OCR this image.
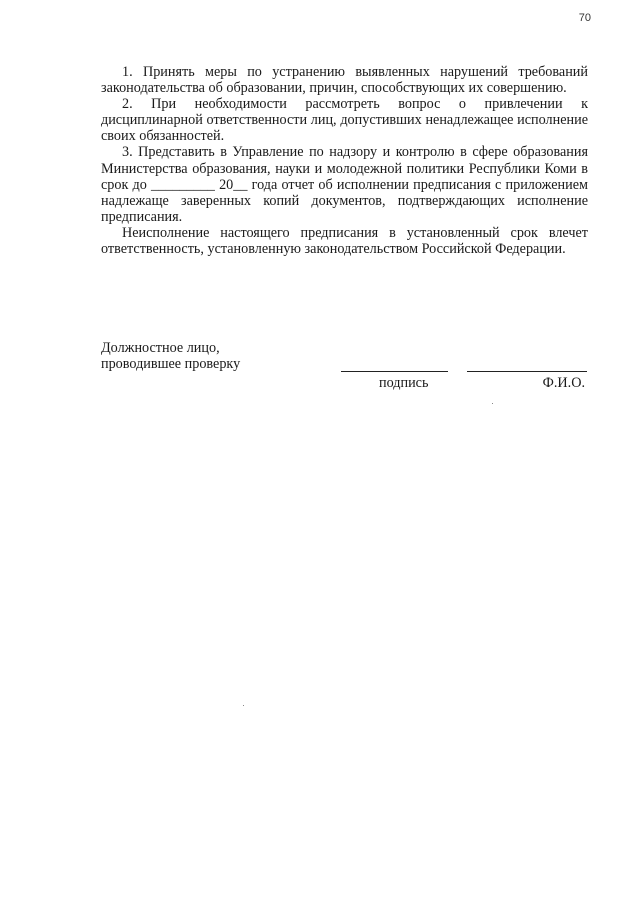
70

1. Принять меры по устранению выявленных нарушений требований законодательства об образовании, причин, способствующих их совершению.

2. При необходимости рассмотреть вопрос о привлечении к дисциплинарной ответственности лиц, допустивших ненадлежащее исполнение своих обязанностей.

3. Представить в Управление по надзору и контролю в сфере образования Министерства образования, науки и молодежной политики Республики Коми в срок до _________ 20__ года отчет об исполнении предписания с приложением надлежаще заверенных копий документов, подтверждающих исполнение предписания.

Неисполнение настоящего предписания в установленный срок влечет ответственность, установленную законодательством Российской Федерации.

Должностное лицо,
проводившее проверку
подпись	Ф.И.О.
